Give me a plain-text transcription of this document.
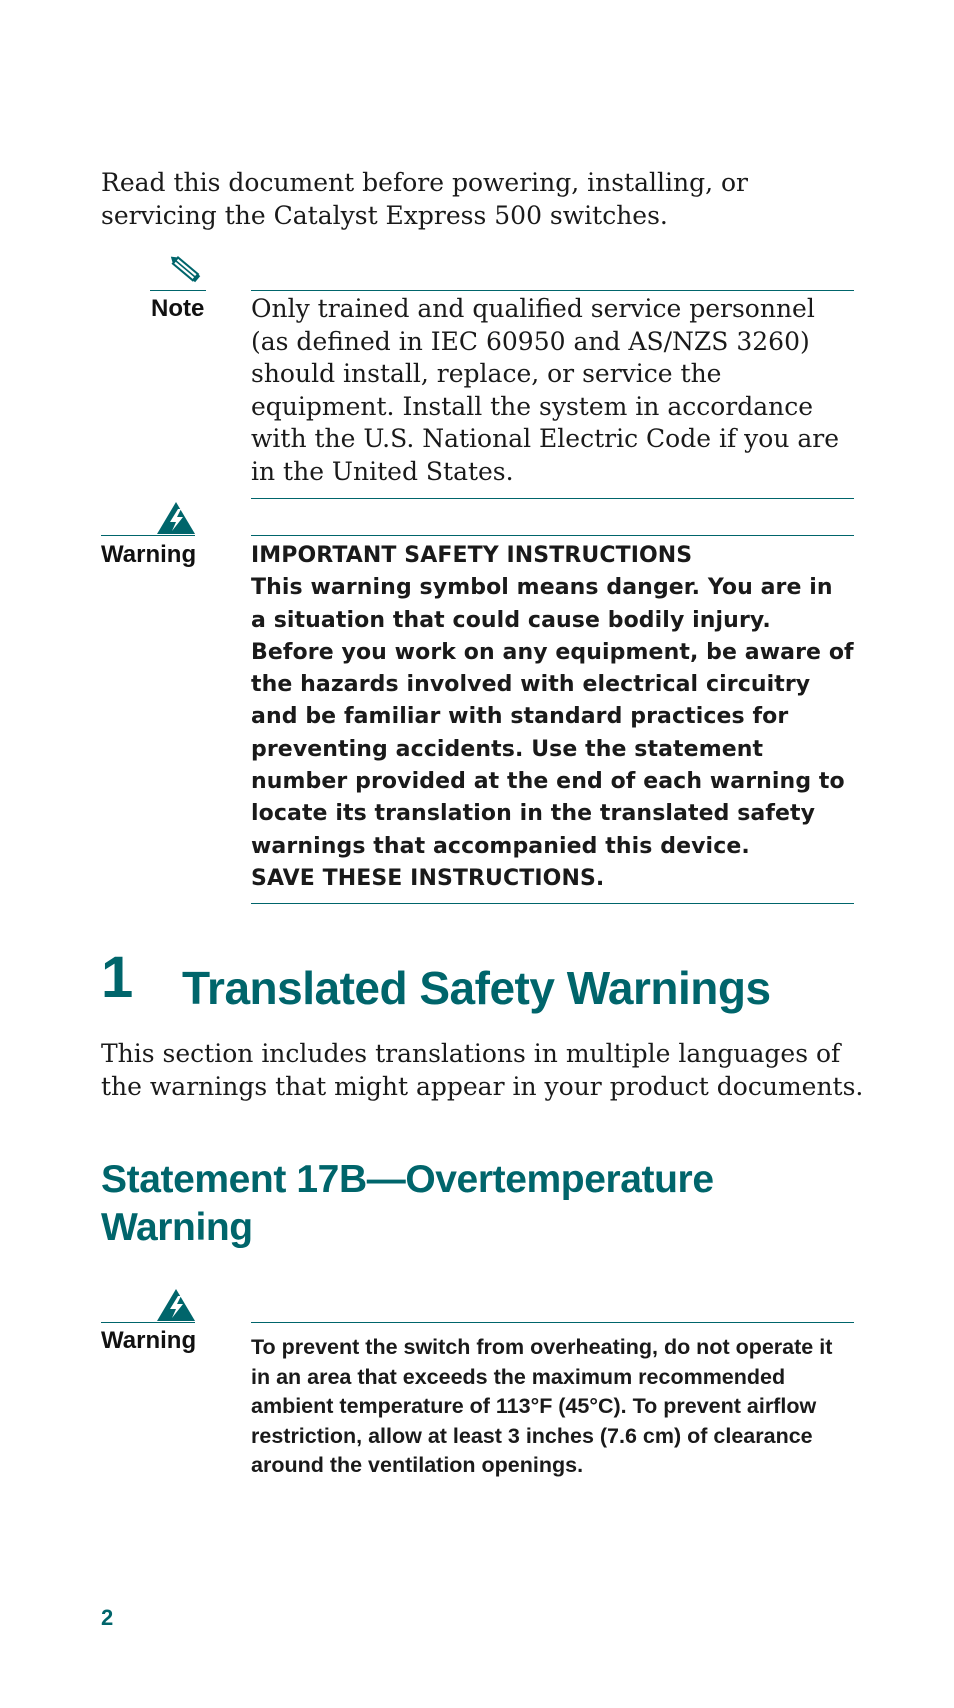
Read this document before powering, installing, or servicing the Catalyst Express 500 switches.

Note Only trained and qualified service personnel (as defined in IEC 60950 and AS/NZS 3260) should install, replace, or service the equipment. Install the system in accordance with the U.S. National Electric Code if you are in the United States.
Warning IMPORTANT SAFETY INSTRUCTIONS

This warning symbol means danger. You are in a situation that could cause bodily injury. Before you work on any equipment, be aware of the hazards involved with electrical circuitry and be familiar with standard practices for preventing accidents. Use the statement number provided at the end of each warning to locate its translation in the translated safety warnings that accompanied this device.

SAVE THESE INSTRUCTIONS.

1 Translated Safety Warnings

This section includes translations in multiple languages of the warnings that might appear in your product documents.

Statement 17B—Overtemperature Warning
Warning	To prevent the switch from overheating, do not operate it in an area that exceeds the maximum recommended ambient temperature of 113°F (45°C). To prevent airflow restriction, allow at least 3 inches (7.6 cm) of clearance around the ventilation openings.
2
